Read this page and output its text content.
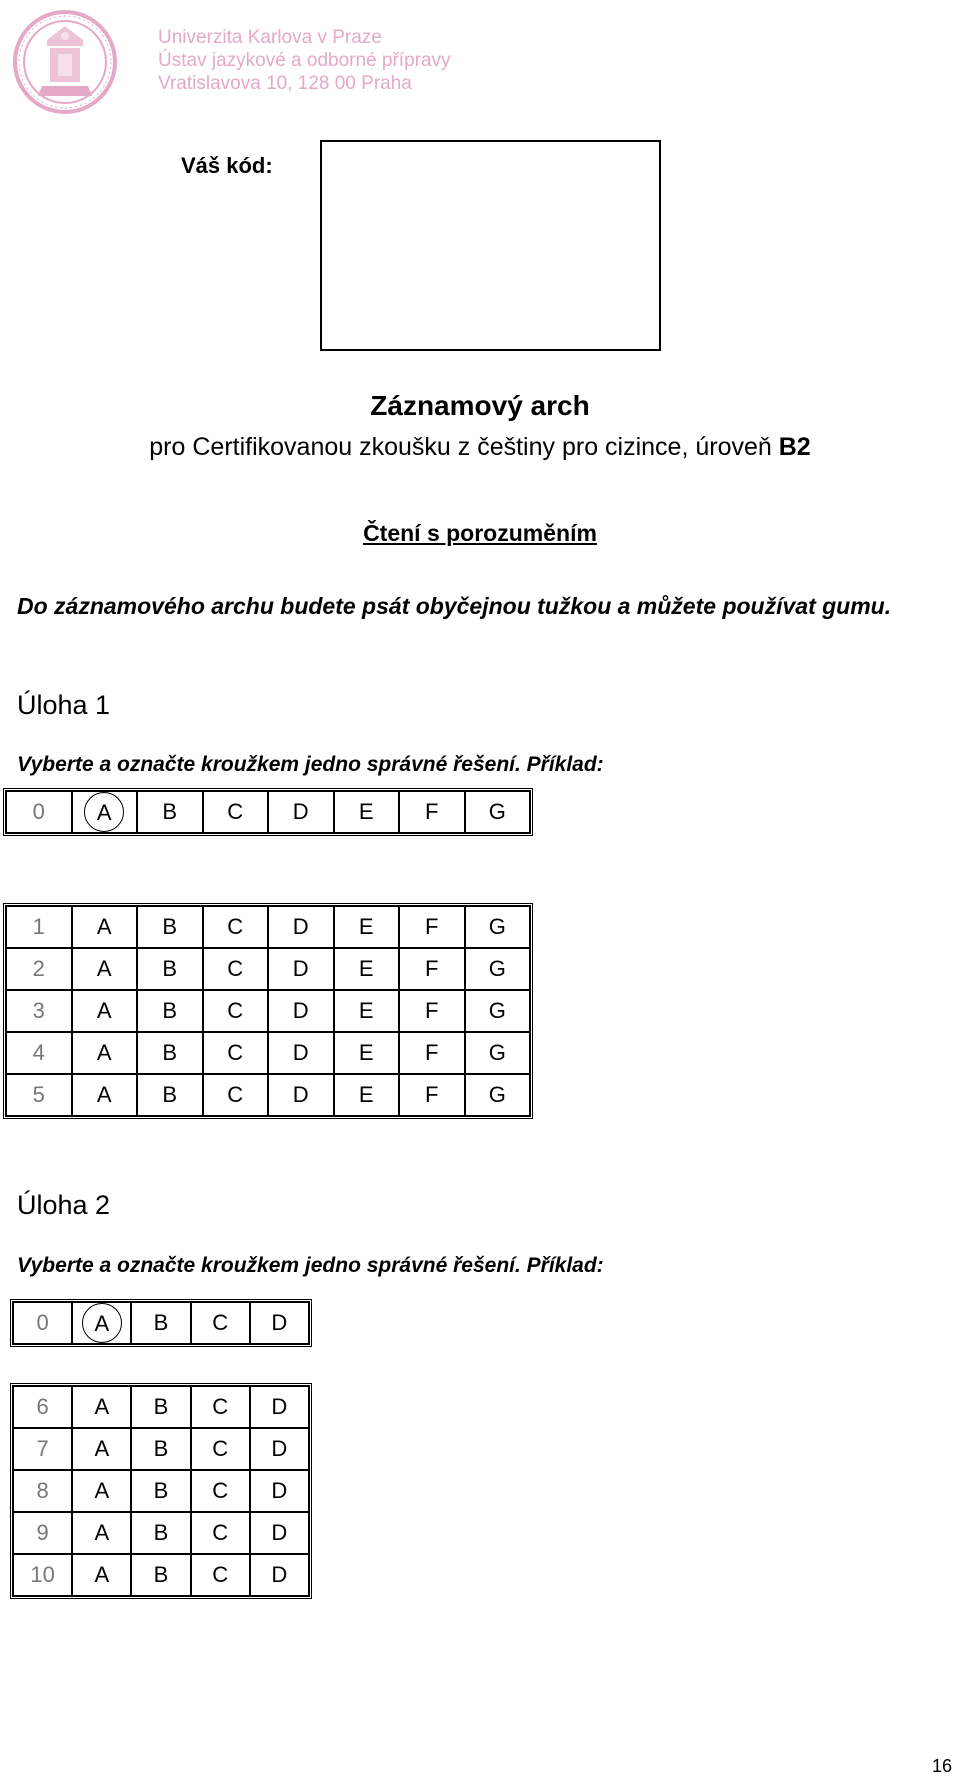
Univerzita Karlova v Praze
Ústav jazykové a odborné přípravy
Vratislavova 10, 128 00 Praha
Váš kód:
Záznamový arch
pro Certifikovanou zkoušku z češtiny pro cizince, úroveň B2
Čtení s porozuměním
Do záznamového archu budete psát obyčejnou tužkou a můžete používat gumu.
Úloha 1
Vyberte a označte kroužkem jedno správné řešení. Příklad:
0	A	B	C	D	E	F	G
1	A	B	C	D	E	F	G
2	A	B	C	D	E	F	G
3	A	B	C	D	E	F	G
4	A	B	C	D	E	F	G
5	A	B	C	D	E	F	G
Úloha 2
Vyberte a označte kroužkem jedno správné řešení. Příklad:
0	A	B	C	D
6	A	B	C	D
7	A	B	C	D
8	A	B	C	D
9	A	B	C	D
10	A	B	C	D
16
